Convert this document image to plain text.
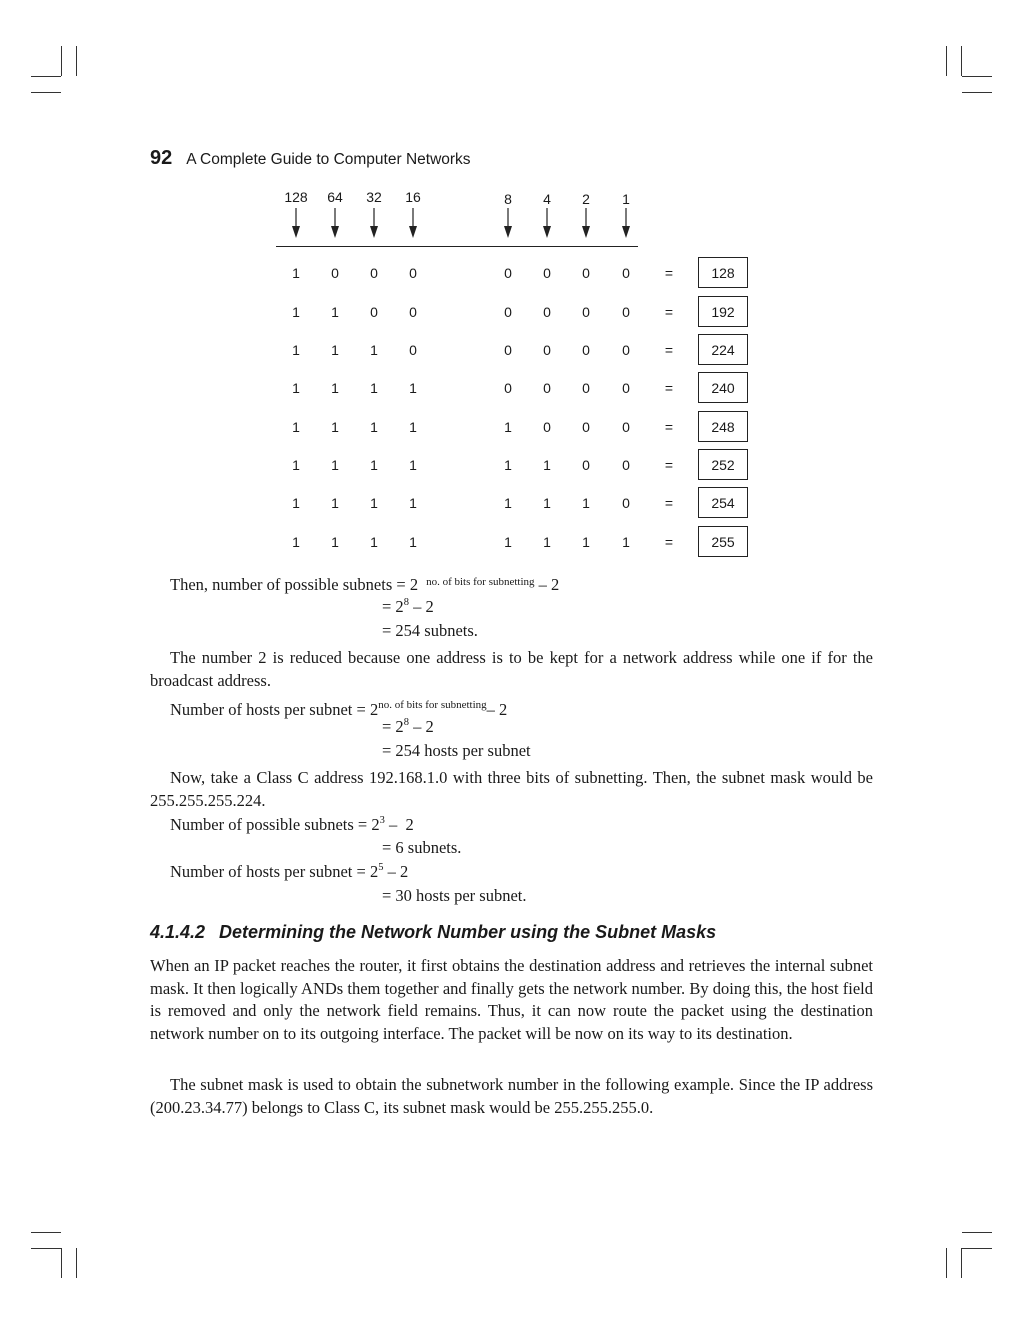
92 A Complete Guide to Computer Networks
128 64 32 16	8 4 2 1
1 0 0 0	0 0 0 0	=	128
1 1 0 0	0 0 0 0	=	192
1 1 1 0	0 0 0 0	=	224
1 1 1 1	0 0 0 0	=	240
1 1 1 1	1 0 0 0	=	248
1 1 1 1	1 1 0 0	=	252
1 1 1 1	1 1 1 0	=	254
1 1 1 1	1 1 1 1	=	255
Then, number of possible subnets = 2 $^{no. of bits for subnetting}$ – 2
= $2^8 - 2$
= 254 subnets.
The number 2 is reduced because one address is to be kept for a network address while one if for the broadcast address.
Number of hosts per subnet = $2^{no. of bits for subnetting}-$ 2
= $2^8 - 2$
= 254 hosts per subnet
Now, take a Class C address 192.168.1.0 with three bits of subnetting. Then, the subnet mask would be 255.255.255.224.
Number of possible subnets = $2^3 - 2$
= 6 subnets.
Number of hosts per subnet = $2^5 - 2$
= 30 hosts per subnet.
4.1.4.2 Determining the Network Number using the Subnet Masks
When an IP packet reaches the router, it first obtains the destination address and retrieves the internal subnet mask. It then logically ANDs them together and finally gets the network number. By doing this, the host field is removed and only the network field remains. Thus, it can now route the packet using the destination network number on to its outgoing interface. The packet will be now on its way to its destination.
The subnet mask is used to obtain the subnetwork number in the following example. Since the IP address (200.23.34.77) belongs to Class C, its subnet mask would be 255.255.255.0.
